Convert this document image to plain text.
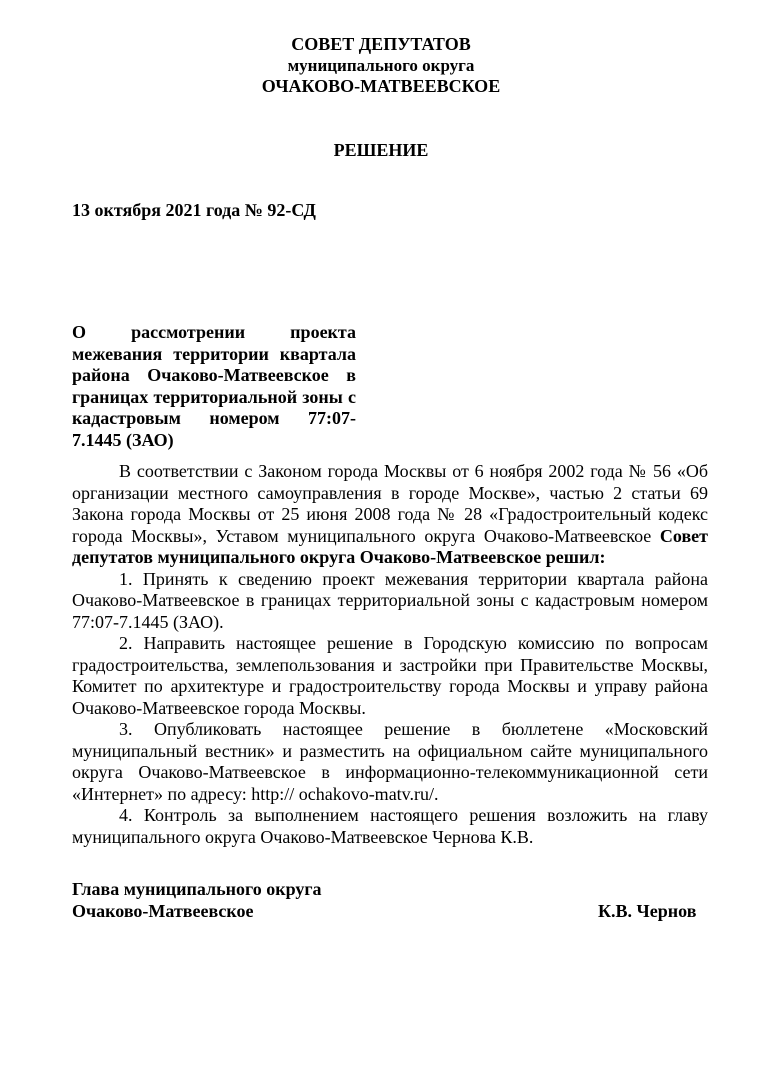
СОВЕТ ДЕПУТАТОВ
муниципального округа
ОЧАКОВО-МАТВЕЕВСКОЕ
РЕШЕНИЕ
13 октября 2021 года № 92-СД
О рассмотрении проекта межевания территории квартала района Очаково-Матвеевское в границах территориальной зоны с кадастровым номером 77:07-7.1445 (ЗАО)

В соответствии с Законом города Москвы от 6 ноября 2002 года № 56 «Об организации местного самоуправления в городе Москве», частью 2 статьи 69 Закона города Москвы от 25 июня 2008 года № 28 «Градостроительный кодекс города Москвы», Уставом муниципального округа Очаково-Матвеевское Совет депутатов муниципального округа Очаково-Матвеевское решил:

1. Принять к сведению проект межевания территории квартала района Очаково-Матвеевское в границах территориальной зоны с кадастровым номером 77:07-7.1445 (ЗАО).

2. Направить настоящее решение в Городскую комиссию по вопросам градостроительства, землепользования и застройки при Правительстве Москвы, Комитет по архитектуре и градостроительству города Москвы и управу района Очаково-Матвеевское города Москвы.

3. Опубликовать настоящее решение в бюллетене «Московский муниципальный вестник» и разместить на официальном сайте муниципального округа Очаково-Матвеевское в информационно-телекоммуникационной сети «Интернет» по адресу: http:// ochakovo-matv.ru/.

4. Контроль за выполнением настоящего решения возложить на главу муниципального округа Очаково-Матвеевское Чернова К.В.

Глава муниципального округа
Очаково-Матвеевское	К.В. Чернов
